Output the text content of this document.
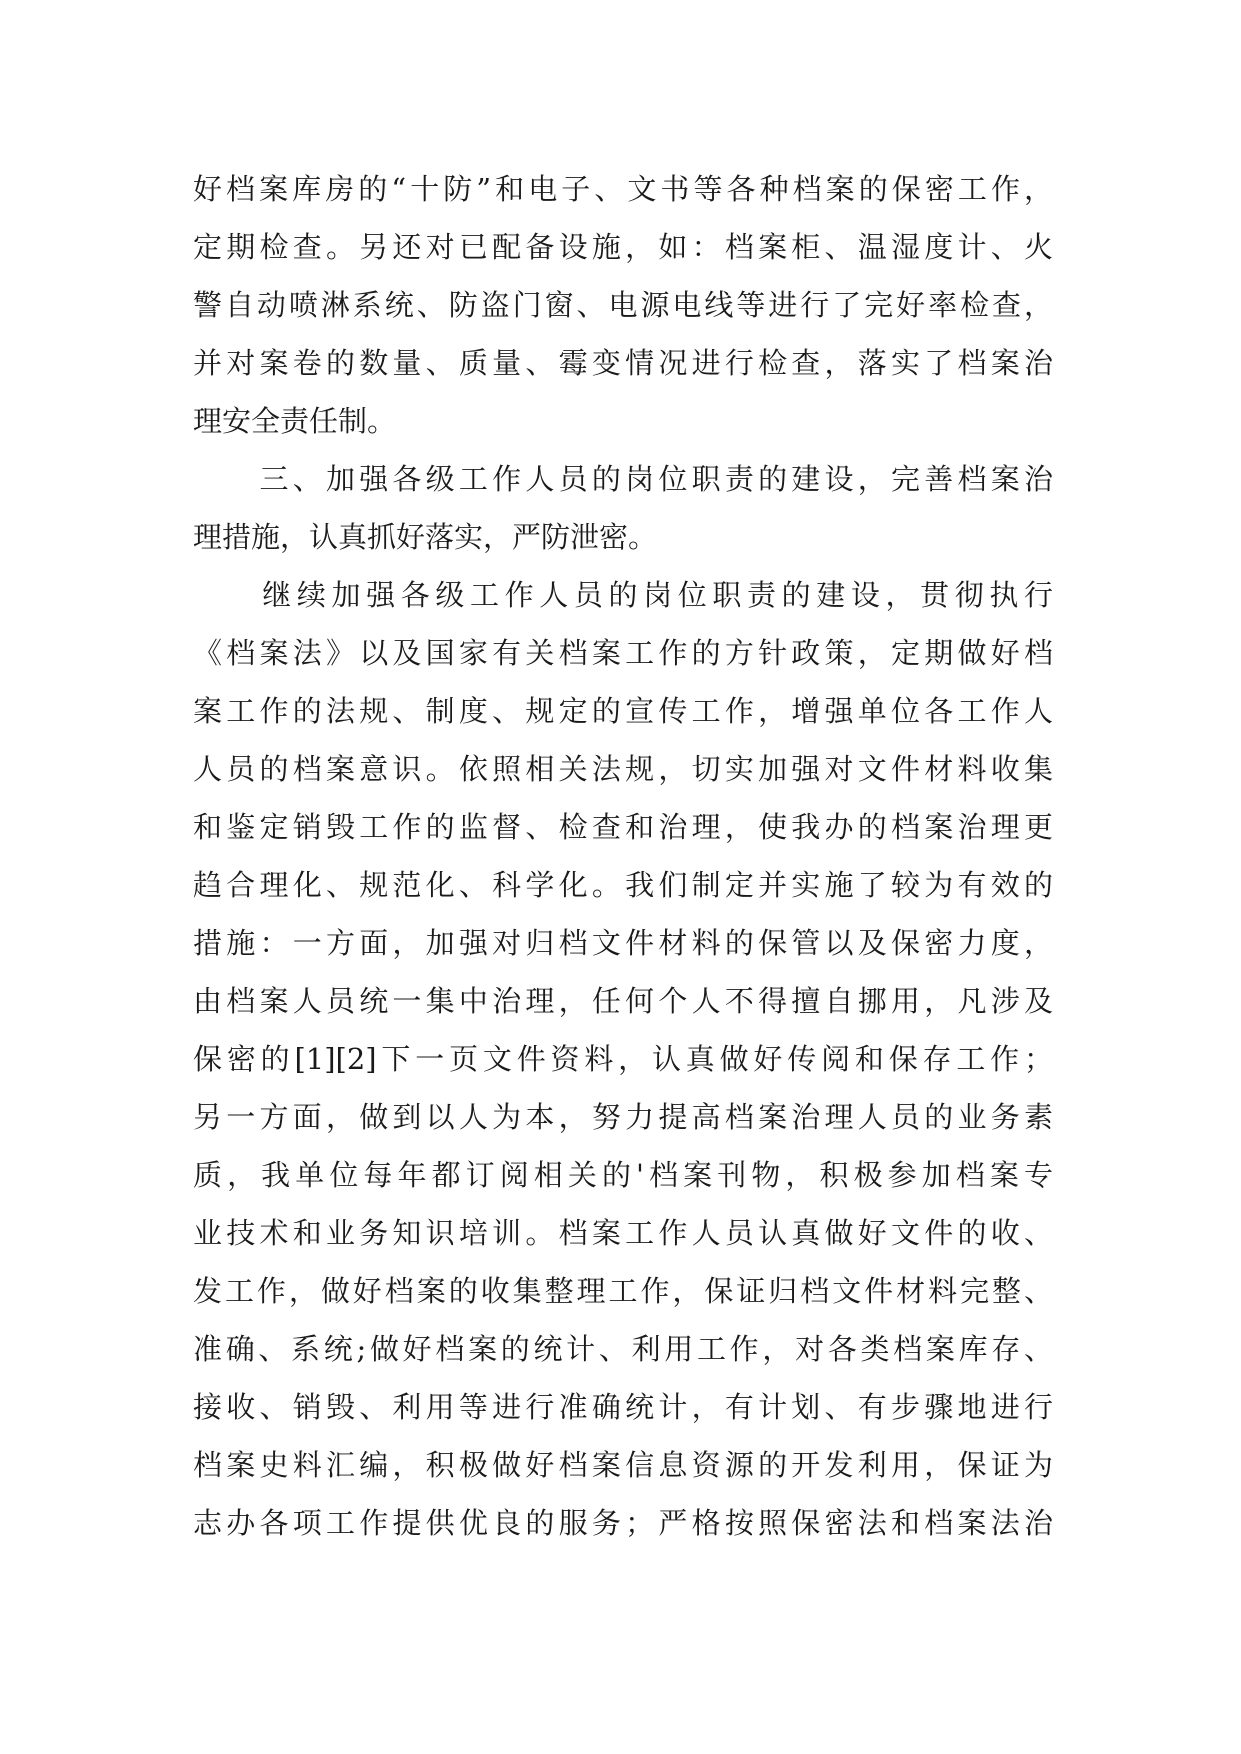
好档案库房的“十防”和电子、文书等各种档案的保密工作，
定期检查。另还对已配备设施，如：档案柜、温湿度计、火
警自动喷淋系统、防盗门窗、电源电线等进行了完好率检查，
并对案卷的数量、质量、霉变情况进行检查，落实了档案治
理安全责任制。
　　三、加强各级工作人员的岗位职责的建设，完善档案治
理措施，认真抓好落实，严防泄密。
　　继续加强各级工作人员的岗位职责的建设，贯彻执行
《档案法》以及国家有关档案工作的方针政策，定期做好档
案工作的法规、制度、规定的宣传工作，增强单位各工作人
人员的档案意识。依照相关法规，切实加强对文件材料收集
和鉴定销毁工作的监督、检查和治理，使我办的档案治理更
趋合理化、规范化、科学化。我们制定并实施了较为有效的
措施：一方面，加强对归档文件材料的保管以及保密力度，
由档案人员统一集中治理，任何个人不得擅自挪用，凡涉及
保密的[1][2]下一页文件资料，认真做好传阅和保存工作；
另一方面，做到以人为本，努力提高档案治理人员的业务素
质，我单位每年都订阅相关的'档案刊物，积极参加档案专
业技术和业务知识培训。档案工作人员认真做好文件的收、
发工作，做好档案的收集整理工作，保证归档文件材料完整、
准确、系统;做好档案的统计、利用工作，对各类档案库存、
接收、销毁、利用等进行准确统计，有计划、有步骤地进行
档案史料汇编，积极做好档案信息资源的开发利用，保证为
志办各项工作提供优良的服务；严格按照保密法和档案法治
